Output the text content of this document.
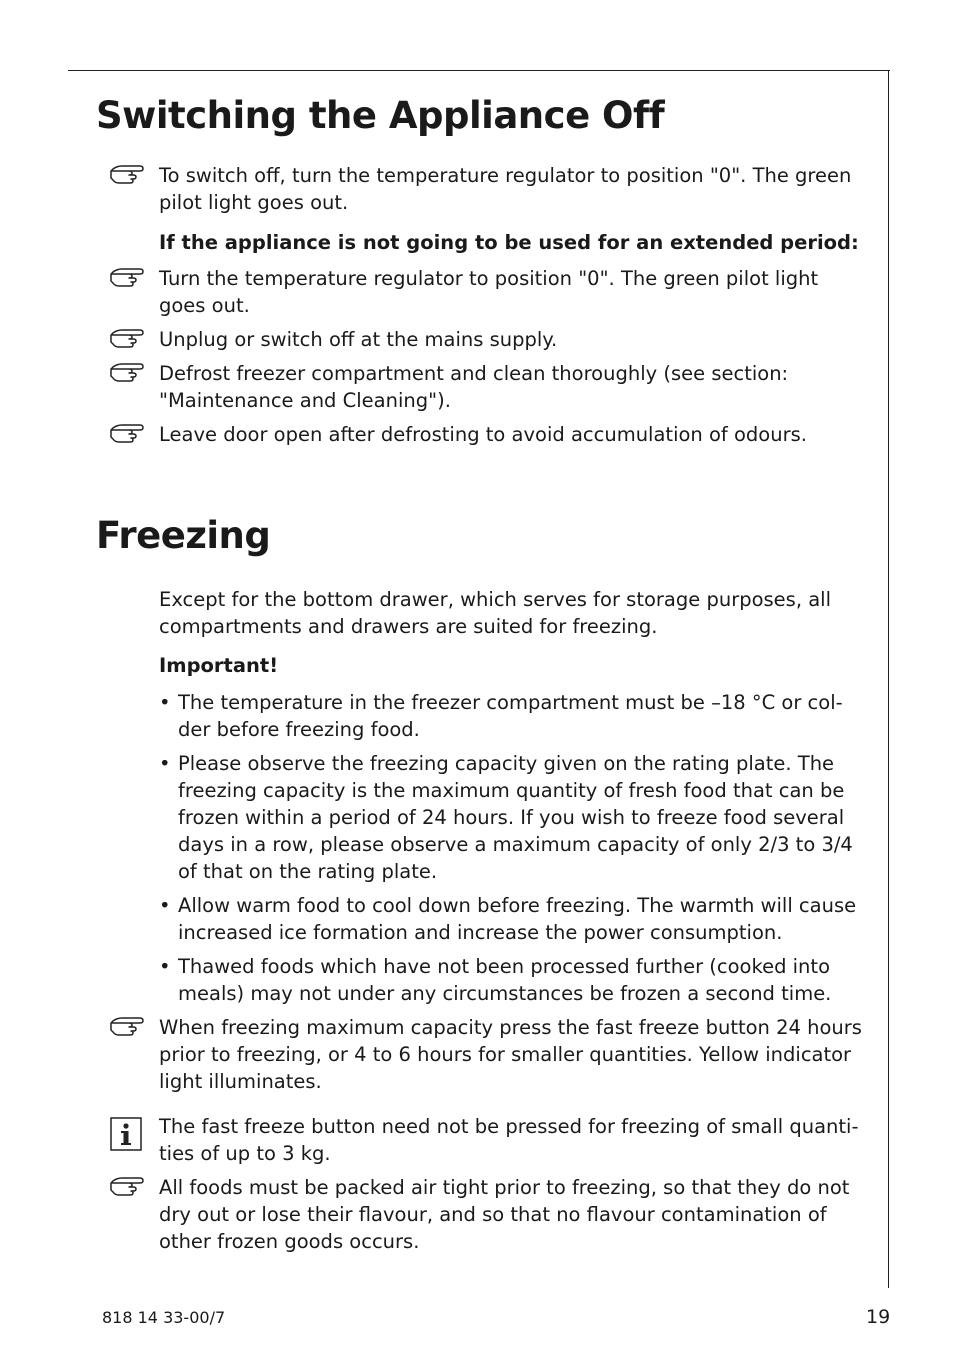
Switching the Appliance Off
To switch off, turn the temperature regulator to position "0". The green pilot light goes out.
If the appliance is not going to be used for an extended period:
Turn the temperature regulator to position "0". The green pilot light goes out.
Unplug or switch off at the mains supply.
Defrost freezer compartment and clean thoroughly (see section: "Maintenance and Cleaning").
Leave door open after defrosting to avoid accumulation of odours.
Freezing
Except for the bottom drawer, which serves for storage purposes, all compartments and drawers are suited for freezing.
Important!
• The temperature in the freezer compartment must be –18 °C or col- der before freezing food.
• Please observe the freezing capacity given on the rating plate. The freezing capacity is the maximum quantity of fresh food that can be frozen within a period of 24 hours. If you wish to freeze food several days in a row, please observe a maximum capacity of only 2/3 to 3/4 of that on the rating plate.
• Allow warm food to cool down before freezing. The warmth will cause increased ice formation and increase the power consumption.
• Thawed foods which have not been processed further (cooked into meals) may not under any circumstances be frozen a second time.
When freezing maximum capacity press the fast freeze button 24 hours prior to freezing, or 4 to 6 hours for smaller quantities. Yellow indicator light illuminates.
The fast freeze button need not be pressed for freezing of small quanti- ties of up to 3 kg.
All foods must be packed air tight prior to freezing, so that they do not dry out or lose their flavour, and so that no flavour contamination of other frozen goods occurs.
818 14 33-00/7	19
